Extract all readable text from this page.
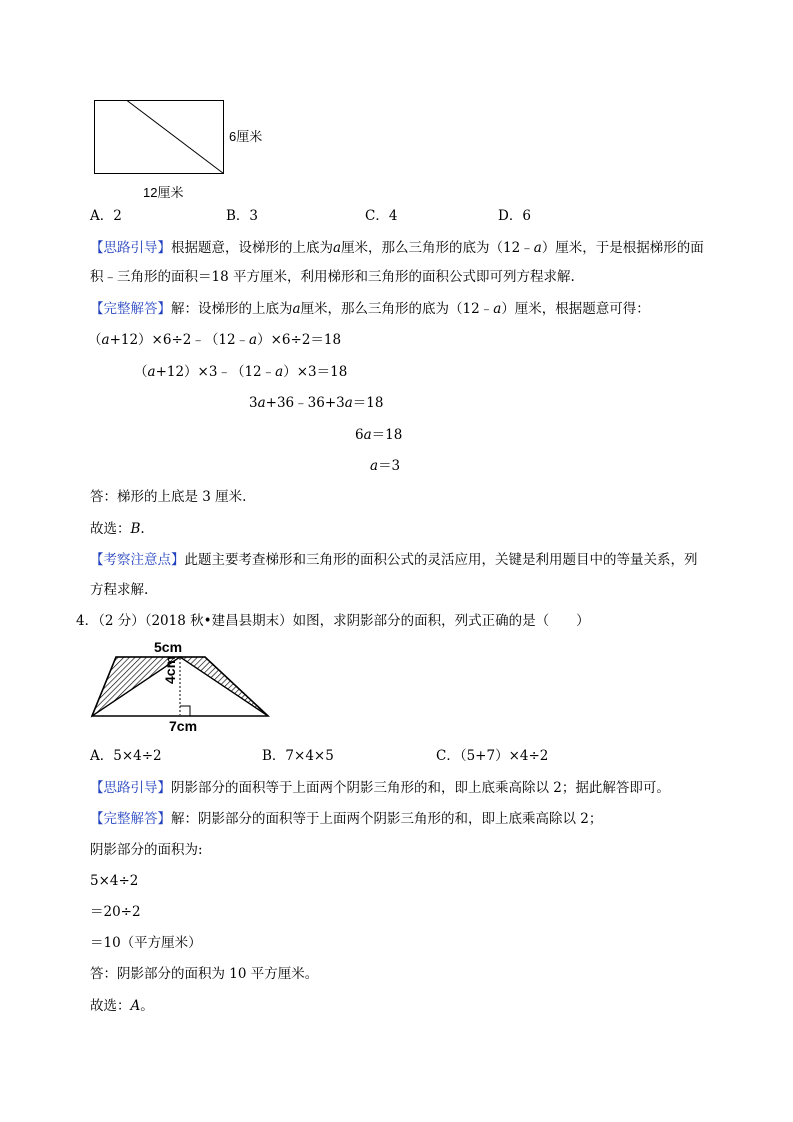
6厘米
12厘米
A．2	B．3	C．4	D．6
【思路引导】根据题意，设梯形的上底为a厘米，那么三角形的底为（12﹣a）厘米，于是根据梯形的面
积﹣三角形的面积＝18 平方厘米，利用梯形和三角形的面积公式即可列方程求解.
【完整解答】解：设梯形的上底为a厘米，那么三角形的底为（12﹣a）厘米，根据题意可得：
（a+12）×6÷2﹣（12﹣a）×6÷2＝18
（a+12）×3﹣（12﹣a）×3＝18
3a+36﹣36+3a＝18
6a＝18
a＝3
答：梯形的上底是 3 厘米.
故选：B.
【考察注意点】此题主要考查梯形和三角形的面积公式的灵活应用，关键是利用题目中的等量关系，列
方程求解.
4．（2 分）（2018 秋•建昌县期末）如图，求阴影部分的面积，列式正确的是（　　）
5cm
4cm
7cm
A．5×4÷2	B．7×4×5	C．（5+7）×4÷2
【思路引导】阴影部分的面积等于上面两个阴影三角形的和，即上底乘高除以 2；据此解答即可。
【完整解答】解：阴影部分的面积等于上面两个阴影三角形的和，即上底乘高除以 2；
阴影部分的面积为:
5×4÷2
＝20÷2
＝10（平方厘米）
答：阴影部分的面积为 10 平方厘米。
故选：A。
